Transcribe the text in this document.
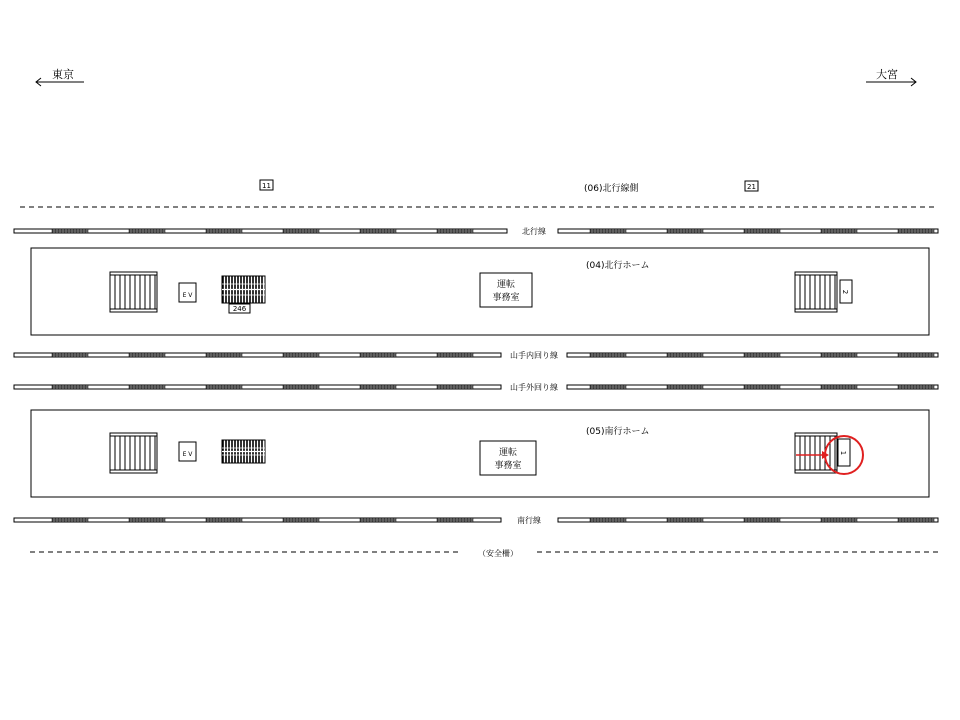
東京	大宮
11	21
(06)北行線側
北行線
山手内回り線
山手外回り線
南行線
(04)北行ホーム
E V
246
運転
事務室
2
(05)南行ホーム
E V	運転
事務室
1
（安全柵）
